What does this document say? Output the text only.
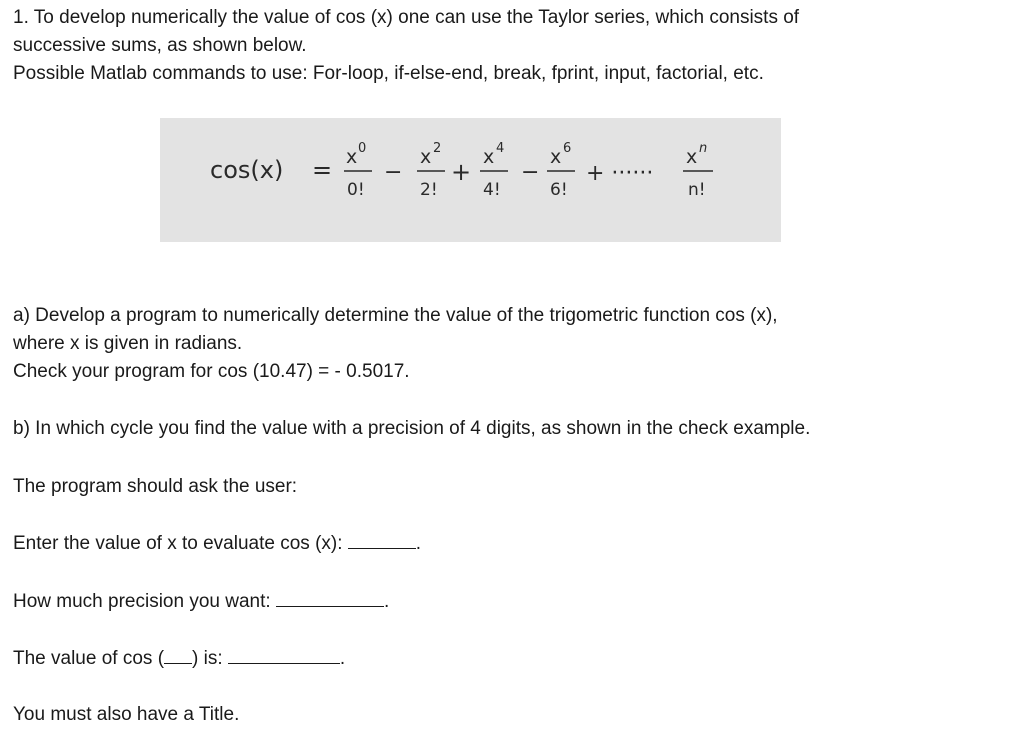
1. To develop numerically the value of cos (x) one can use the Taylor series, which consists of

successive sums, as shown below.

Possible Matlab commands to use: For-loop, if-else-end, break, fprint, input, factorial, etc.

cos(x) = x 0
0!
−
x 2
2!
+
x 4
4!
−
x 6
6!
+ ······
x n
n!

a) Develop a program to numerically determine the value of the trigometric function cos (x),

where x is given in radians.

Check your program for cos (10.47) = - 0.5017.

b) In which cycle you find the value with a precision of 4 digits, as shown in the check example.

The program should ask the user:

Enter the value of x to evaluate cos (x):	.

How much precision you want:	.

The value of cos ( ) is:	.

You must also have a Title.
